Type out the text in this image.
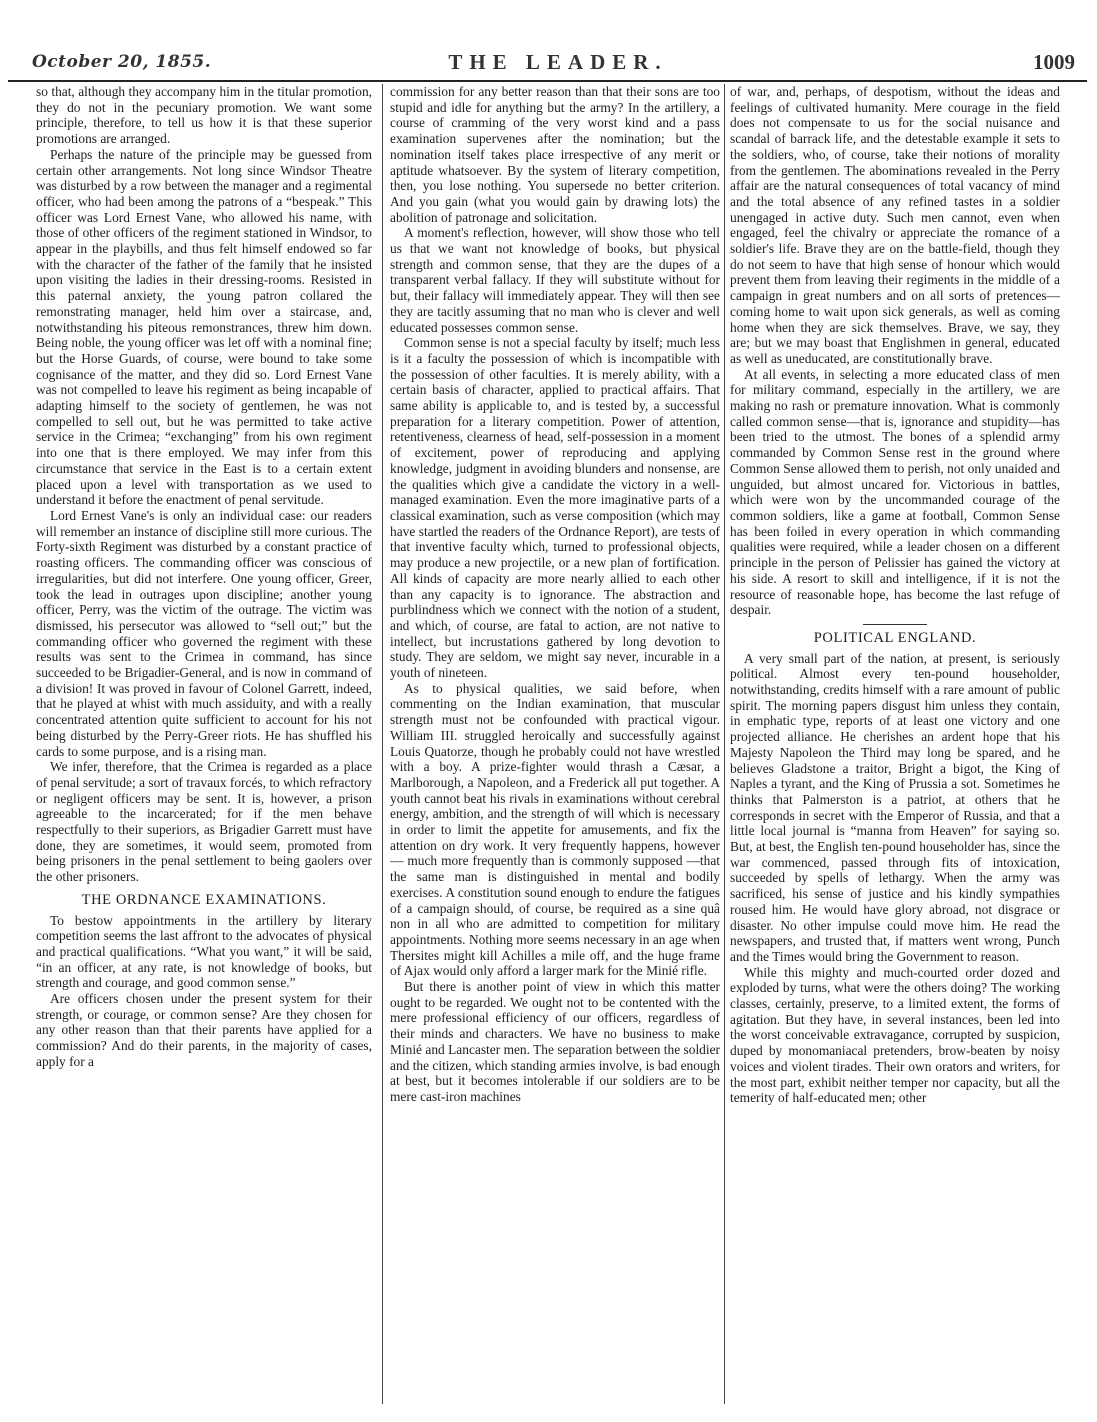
October 20, 1855.	THE LEADER.	1009

so that, although they accompany him in the titular promotion, they do not in the pecuniary promotion. We want some principle, therefore, to tell us how it is that these superior promotions are arranged.

Perhaps the nature of the principle may be guessed from certain other arrangements. Not long since Windsor Theatre was disturbed by a row between the manager and a regimental officer, who had been among the patrons of a “bespeak.” This officer was Lord Ernest Vane, who allowed his name, with those of other officers of the regiment stationed in Windsor, to appear in the playbills, and thus felt himself endowed so far with the character of the father of the family that he insisted upon visiting the ladies in their dressing-rooms. Resisted in this paternal anxiety, the young patron collared the remonstrating manager, held him over a staircase, and, notwithstanding his piteous remonstrances, threw him down. Being noble, the young officer was let off with a nominal fine; but the Horse Guards, of course, were bound to take some cognisance of the matter, and they did so. Lord Ernest Vane was not compelled to leave his regiment as being incapable of adapting himself to the society of gentlemen, he was not compelled to sell out, but he was permitted to take active service in the Crimea; “exchanging” from his own regiment into one that is there employed. We may infer from this circumstance that service in the East is to a certain extent placed upon a level with transportation as we used to understand it before the enactment of penal servitude.

Lord Ernest Vane's is only an individual case: our readers will remember an instance of discipline still more curious. The Forty-sixth Regiment was disturbed by a constant practice of roasting officers. The commanding officer was conscious of irregularities, but did not interfere. One young officer, Greer, took the lead in outrages upon discipline; another young officer, Perry, was the victim of the outrage. The victim was dismissed, his persecutor was allowed to “sell out;” but the commanding officer who governed the regiment with these results was sent to the Crimea in command, has since succeeded to be Brigadier-General, and is now in command of a division! It was proved in favour of Colonel Garrett, indeed, that he played at whist with much assiduity, and with a really concentrated attention quite sufficient to account for his not being disturbed by the Perry-Greer riots. He has shuffled his cards to some purpose, and is a rising man.

We infer, therefore, that the Crimea is regarded as a place of penal servitude; a sort of travaux forcés, to which refractory or negligent officers may be sent. It is, however, a prison agreeable to the incarcerated; for if the men behave respectfully to their superiors, as Brigadier Garrett must have done, they are sometimes, it would seem, promoted from being prisoners in the penal settlement to being gaolers over the other prisoners.

THE ORDNANCE EXAMINATIONS.

To bestow appointments in the artillery by literary competition seems the last affront to the advocates of physical and practical qualifications. “What you want,” it will be said, “in an officer, at any rate, is not knowledge of books, but strength and courage, and good common sense.”

Are officers chosen under the present system for their strength, or courage, or common sense? Are they chosen for any other reason than that their parents have applied for a commission? And do their parents, in the majority of cases, apply for a

commission for any better reason than that their sons are too stupid and idle for anything but the army? In the artillery, a course of cramming of the very worst kind and a pass examination supervenes after the nomination; but the nomination itself takes place irrespective of any merit or aptitude whatsoever. By the system of literary competition, then, you lose nothing. You supersede no better criterion. And you gain (what you would gain by drawing lots) the abolition of patronage and solicitation.

A moment's reflection, however, will show those who tell us that we want not knowledge of books, but physical strength and common sense, that they are the dupes of a transparent verbal fallacy. If they will substitute without for but, their fallacy will immediately appear. They will then see they are tacitly assuming that no man who is clever and well educated possesses common sense.

Common sense is not a special faculty by itself; much less is it a faculty the possession of which is incompatible with the possession of other faculties. It is merely ability, with a certain basis of character, applied to practical affairs. That same ability is applicable to, and is tested by, a successful preparation for a literary competition. Power of attention, retentiveness, clearness of head, self-possession in a moment of excitement, power of reproducing and applying knowledge, judgment in avoiding blunders and nonsense, are the qualities which give a candidate the victory in a well-managed examination. Even the more imaginative parts of a classical examination, such as verse composition (which may have startled the readers of the Ordnance Report), are tests of that inventive faculty which, turned to professional objects, may produce a new projectile, or a new plan of fortification. All kinds of capacity are more nearly allied to each other than any capacity is to ignorance. The abstraction and purblindness which we connect with the notion of a student, and which, of course, are fatal to action, are not native to intellect, but incrustations gathered by long devotion to study. They are seldom, we might say never, incurable in a youth of nineteen.

As to physical qualities, we said before, when commenting on the Indian examination, that muscular strength must not be confounded with practical vigour. William III. struggled heroically and successfully against Louis Quatorze, though he probably could not have wrestled with a boy. A prize-fighter would thrash a Cæsar, a Marlborough, a Napoleon, and a Frederick all put together. A youth cannot beat his rivals in examinations without cerebral energy, ambition, and the strength of will which is necessary in order to limit the appetite for amusements, and fix the attention on dry work. It very frequently happens, however — much more frequently than is commonly supposed —that the same man is distinguished in mental and bodily exercises. A constitution sound enough to endure the fatigues of a campaign should, of course, be required as a sine quâ non in all who are admitted to competition for military appointments. Nothing more seems necessary in an age when Thersites might kill Achilles a mile off, and the huge frame of Ajax would only afford a larger mark for the Minié rifle.

But there is another point of view in which this matter ought to be regarded. We ought not to be contented with the mere professional efficiency of our officers, regardless of their minds and characters. We have no business to make Minié and Lancaster men. The separation between the soldier and the citizen, which standing armies involve, is bad enough at best, but it becomes intolerable if our soldiers are to be mere cast-iron machines

of war, and, perhaps, of despotism, without the ideas and feelings of cultivated humanity. Mere courage in the field does not compensate to us for the social nuisance and scandal of barrack life, and the detestable example it sets to the soldiers, who, of course, take their notions of morality from the gentlemen. The abominations revealed in the Perry affair are the natural consequences of total vacancy of mind and the total absence of any refined tastes in a soldier unengaged in active duty. Such men cannot, even when engaged, feel the chivalry or appreciate the romance of a soldier's life. Brave they are on the battle-field, though they do not seem to have that high sense of honour which would prevent them from leaving their regiments in the middle of a campaign in great numbers and on all sorts of pretences—coming home to wait upon sick generals, as well as coming home when they are sick themselves. Brave, we say, they are; but we may boast that Englishmen in general, educated as well as uneducated, are constitutionally brave.

At all events, in selecting a more educated class of men for military command, especially in the artillery, we are making no rash or premature innovation. What is commonly called common sense—that is, ignorance and stupidity—has been tried to the utmost. The bones of a splendid army commanded by Common Sense rest in the ground where Common Sense allowed them to perish, not only unaided and unguided, but almost uncared for. Victorious in battles, which were won by the uncommanded courage of the common soldiers, like a game at football, Common Sense has been foiled in every operation in which commanding qualities were required, while a leader chosen on a different principle in the person of Pelissier has gained the victory at his side. A resort to skill and intelligence, if it is not the resource of reasonable hope, has become the last refuge of despair.

POLITICAL ENGLAND.

A very small part of the nation, at present, is seriously political. Almost every ten-pound householder, notwithstanding, credits himself with a rare amount of public spirit. The morning papers disgust him unless they contain, in emphatic type, reports of at least one victory and one projected alliance. He cherishes an ardent hope that his Majesty Napoleon the Third may long be spared, and he believes Gladstone a traitor, Bright a bigot, the King of Naples a tyrant, and the King of Prussia a sot. Sometimes he thinks that Palmerston is a patriot, at others that he corresponds in secret with the Emperor of Russia, and that a little local journal is “manna from Heaven” for saying so. But, at best, the English ten-pound householder has, since the war commenced, passed through fits of intoxication, succeeded by spells of lethargy. When the army was sacrificed, his sense of justice and his kindly sympathies roused him. He would have glory abroad, not disgrace or disaster. No other impulse could move him. He read the newspapers, and trusted that, if matters went wrong, Punch and the Times would bring the Government to reason.

While this mighty and much-courted order dozed and exploded by turns, what were the others doing? The working classes, certainly, preserve, to a limited extent, the forms of agitation. But they have, in several instances, been led into the worst conceivable extravagance, corrupted by suspicion, duped by monomaniacal pretenders, brow-beaten by noisy voices and violent tirades. Their own orators and writers, for the most part, exhibit neither temper nor capacity, but all the temerity of half-educated men; other
